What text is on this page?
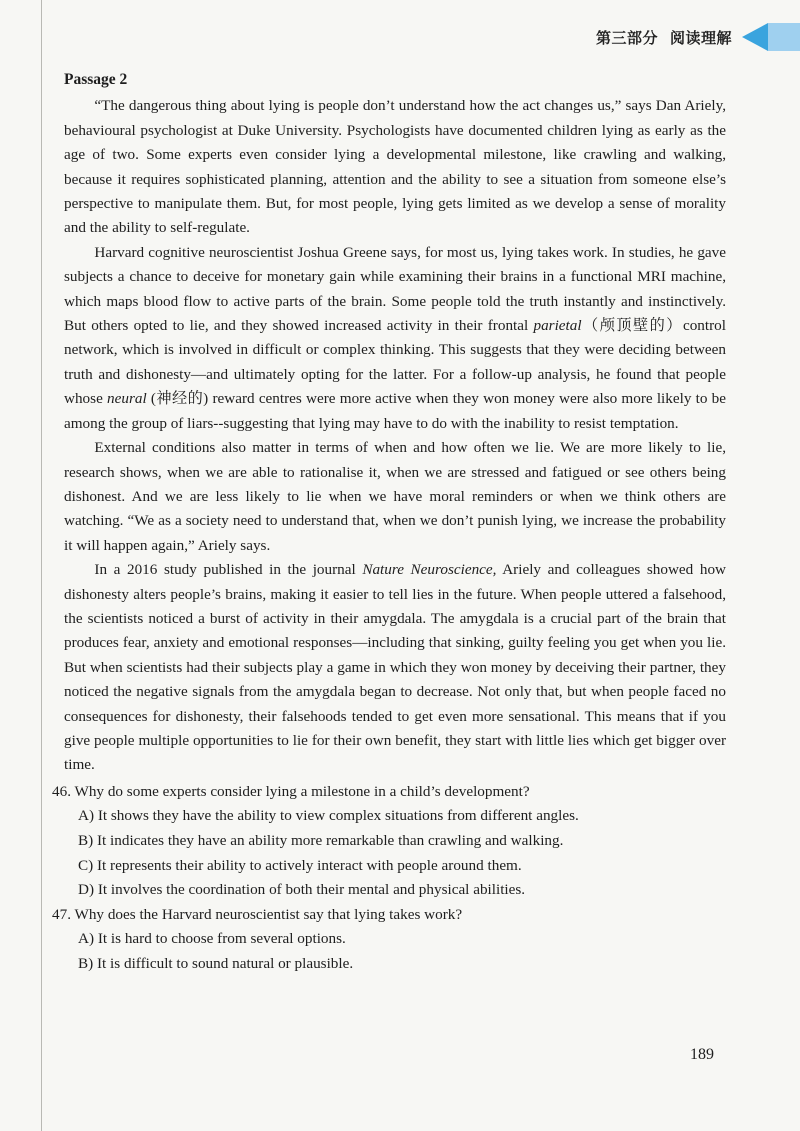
第三部分 阅读理解

Passage 2

“The dangerous thing about lying is people don’t understand how the act changes us,” says Dan Ariely, behavioural psychologist at Duke University. Psychologists have documented children lying as early as the age of two. Some experts even consider lying a developmental milestone, like crawling and walking, because it requires sophisticated planning, attention and the ability to see a situation from someone else’s perspective to manipulate them. But, for most people, lying gets limited as we develop a sense of morality and the ability to self-regulate.

Harvard cognitive neuroscientist Joshua Greene says, for most us, lying takes work. In studies, he gave subjects a chance to deceive for monetary gain while examining their brains in a functional MRI machine, which maps blood flow to active parts of the brain. Some people told the truth instantly and instinctively. But others opted to lie, and they showed increased activity in their frontal parietal（颅顶壁的）control network, which is involved in difficult or complex thinking. This suggests that they were deciding between truth and dishonesty—and ultimately opting for the latter. For a follow-up analysis, he found that people whose neural (神经的) reward centres were more active when they won money were also more likely to be among the group of liars--suggesting that lying may have to do with the inability to resist temptation.

External conditions also matter in terms of when and how often we lie. We are more likely to lie, research shows, when we are able to rationalise it, when we are stressed and fatigued or see others being dishonest. And we are less likely to lie when we have moral reminders or when we think others are watching. “We as a society need to understand that, when we don’t punish lying, we increase the probability it will happen again,” Ariely says.

In a 2016 study published in the journal Nature Neuroscience, Ariely and colleagues showed how dishonesty alters people’s brains, making it easier to tell lies in the future. When people uttered a falsehood, the scientists noticed a burst of activity in their amygdala. The amygdala is a crucial part of the brain that produces fear, anxiety and emotional responses—including that sinking, guilty feeling you get when you lie. But when scientists had their subjects play a game in which they won money by deceiving their partner, they noticed the negative signals from the amygdala began to decrease. Not only that, but when people faced no consequences for dishonesty, their falsehoods tended to get even more sensational. This means that if you give people multiple opportunities to lie for their own benefit, they start with little lies which get bigger over time.

46. Why do some experts consider lying a milestone in a child’s development?
A) It shows they have the ability to view complex situations from different angles.
B) It indicates they have an ability more remarkable than crawling and walking.
C) It represents their ability to actively interact with people around them.
D) It involves the coordination of both their mental and physical abilities.
47. Why does the Harvard neuroscientist say that lying takes work?
A) It is hard to choose from several options.
B) It is difficult to sound natural or plausible.
189
